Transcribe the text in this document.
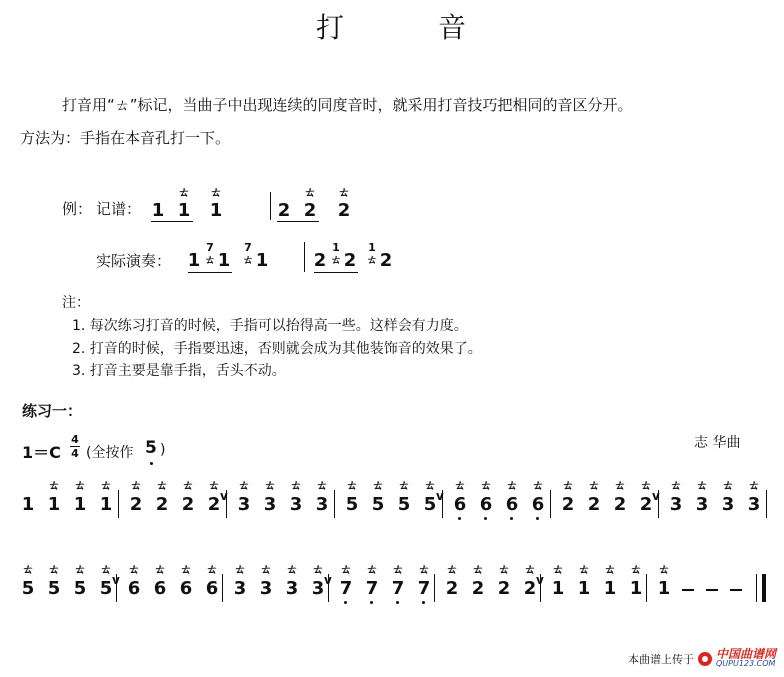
打	音
打音用“ㄊ”标记，当曲子中出现连续的同度音时，就采用打音技巧把相同的音区分开。
方法为：手指在本音孔打一下。
例： 记谱：
实际演奏：
1 1
ㄊ
1
ㄊ
2 2
ㄊ
2
ㄊ
1
7
ㄊ 1
7
ㄊ 1	2
1
ㄊ 2
1
ㄊ 2
注：
1. 每次练习打音的时候，手指可以抬得高一些。这样会有力度。
2. 打音的时候，手指要迅速，否则就会成为其他装饰音的效果了。
3. 打音主要是靠手指，舌头不动。
练习一：
1＝C
4
4 (全按作 5 )	志 华曲
1 1
ㄊ
1
ㄊ
1
ㄊ
2
ㄊ
2
ㄊ
2
ㄊ
2
ㄊ
v 3
ㄊ
3
ㄊ
3
ㄊ
3
ㄊ
5
ㄊ
5
ㄊ
5
ㄊ
5
ㄊ
v 6
ㄊ
6
ㄊ
6
ㄊ
6
ㄊ
2
ㄊ
2
ㄊ
2
ㄊ
2
ㄊ
v 3
ㄊ
3
ㄊ
3
ㄊ
3
ㄊ
5
ㄊ
5
ㄊ
5
ㄊ
5
ㄊ
v 6
ㄊ
6
ㄊ
6
ㄊ
6
ㄊ
3
ㄊ
3
ㄊ
3
ㄊ
3
ㄊ
v 7
ㄊ
7
ㄊ
7
ㄊ
7
ㄊ
2
ㄊ
2
ㄊ
2
ㄊ
2
ㄊ
v 1
ㄊ
1
ㄊ
1
ㄊ
1
ㄊ
1
ㄊ
本曲谱上传于 中国曲谱网
QUPU123.COM
